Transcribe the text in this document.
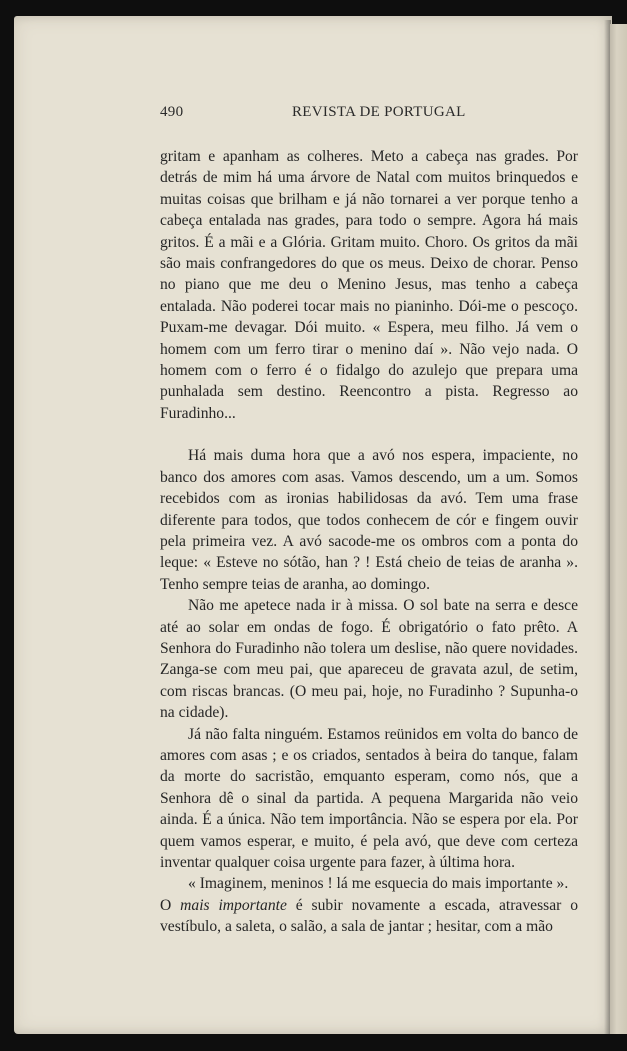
490	REVISTA DE PORTUGAL

gritam e apanham as colheres. Meto a cabeça nas grades. Por detrás de mim há uma árvore de Natal com muitos brinquedos e muitas coisas que brilham e já não tornarei a ver porque tenho a cabeça entalada nas grades, para todo o sempre. Agora há mais gritos. É a mãi e a Glória. Gritam muito. Choro. Os gritos da mãi são mais confrangedores do que os meus. Deixo de chorar. Penso no piano que me deu o Menino Jesus, mas tenho a cabeça entalada. Não poderei tocar mais no pianinho. Dói-me o pescoço. Puxam-me devagar. Dói muito. « Espera, meu filho. Já vem o homem com um ferro tirar o menino daí ». Não vejo nada. O homem com o ferro é o fidalgo do azulejo que prepara uma punhalada sem destino. Reencontro a pista. Regresso ao Furadinho...

Há mais duma hora que a avó nos espera, impaciente, no banco dos amores com asas. Vamos descendo, um a um. Somos recebidos com as ironias habilidosas da avó. Tem uma frase diferente para todos, que todos conhecem de cór e fingem ouvir pela primeira vez. A avó sacode-me os ombros com a ponta do leque: « Esteve no sótão, han ? ! Está cheio de teias de aranha ». Tenho sempre teias de aranha, ao domingo.

Não me apetece nada ir à missa. O sol bate na serra e desce até ao solar em ondas de fogo. É obrigatório o fato prêto. A Senhora do Furadinho não tolera um deslise, não quere novidades. Zanga-se com meu pai, que apareceu de gravata azul, de setim, com riscas brancas. (O meu pai, hoje, no Furadinho ? Supunha-o na cidade).

Já não falta ninguém. Estamos reünidos em volta do banco de amores com asas ; e os criados, sentados à beira do tanque, falam da morte do sacristão, emquanto esperam, como nós, que a Senhora dê o sinal da partida. A pequena Margarida não veio ainda. É a única. Não tem importância. Não se espera por ela. Por quem vamos esperar, e muito, é pela avó, que deve com certeza inventar qualquer coisa urgente para fazer, à última hora.

« Imaginem, meninos ! lá me esquecia do mais importante ».

O mais importante é subir novamente a escada, atravessar o vestíbulo, a saleta, o salão, a sala de jantar ; hesitar, com a mão
